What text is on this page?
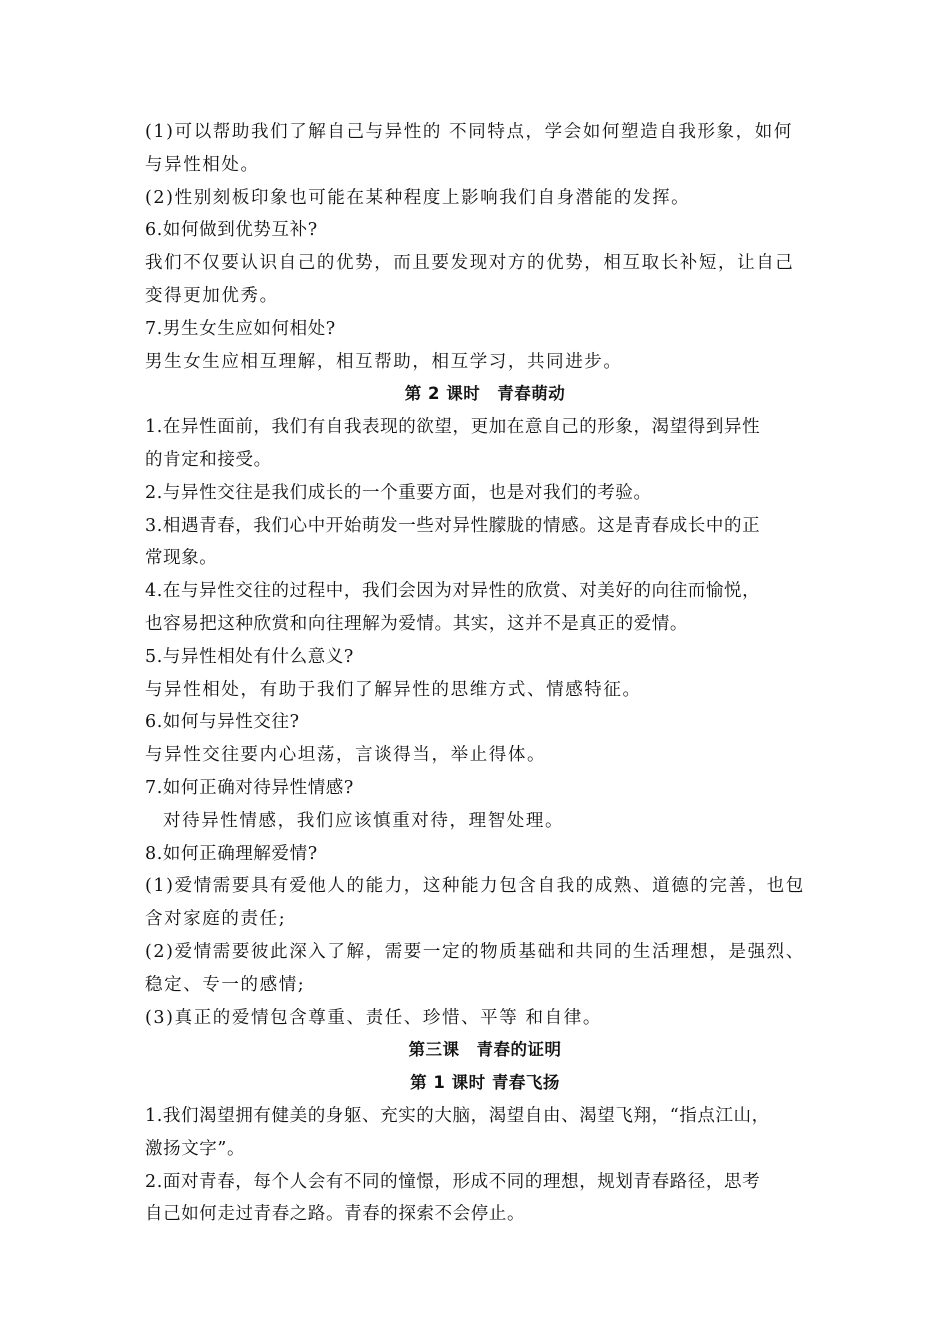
(1)可以帮助我们了解自己与异性的 不同特点，学会如何塑造自我形象，如何
与异性相处。
(2)性别刻板印象也可能在某种程度上影响我们自身潜能的发挥。
6.如何做到优势互补?
我们不仅要认识自己的优势，而且要发现对方的优势，相互取长补短，让自己
变得更加优秀。
7.男生女生应如何相处?
男生女生应相互理解，相互帮助，相互学习，共同进步。
第 2 课时　青春萌动
1.在异性面前，我们有自我表现的欲望，更加在意自己的形象，渴望得到异性
的肯定和接受。
2.与异性交往是我们成长的一个重要方面，也是对我们的考验。
3.相遇青春，我们心中开始萌发一些对异性朦胧的情感。这是青春成长中的正
常现象。
4.在与异性交往的过程中，我们会因为对异性的欣赏、对美好的向往而愉悦，
也容易把这种欣赏和向往理解为爱情。其实，这并不是真正的爱情。
5.与异性相处有什么意义?
与异性相处，有助于我们了解异性的思维方式、情感特征。
6.如何与异性交往?
与异性交往要内心坦荡，言谈得当，举止得体。
7.如何正确对待异性情感?
对待异性情感，我们应该慎重对待，理智处理。
8.如何正确理解爱情?
(1)爱情需要具有爱他人的能力，这种能力包含自我的成熟、道德的完善，也包
含对家庭的责任;
(2)爱情需要彼此深入了解，需要一定的物质基础和共同的生活理想，是强烈、
稳定、专一的感情;
(3)真正的爱情包含尊重、责任、珍惜、平等 和自律。
第三课　青春的证明
第 1 课时 青春飞扬
1.我们渴望拥有健美的身躯、充实的大脑，渴望自由、渴望飞翔，“指点江山，
激扬文字”。
2.面对青春，每个人会有不同的憧憬，形成不同的理想，规划青春路径，思考
自己如何走过青春之路。青春的探索不会停止。
